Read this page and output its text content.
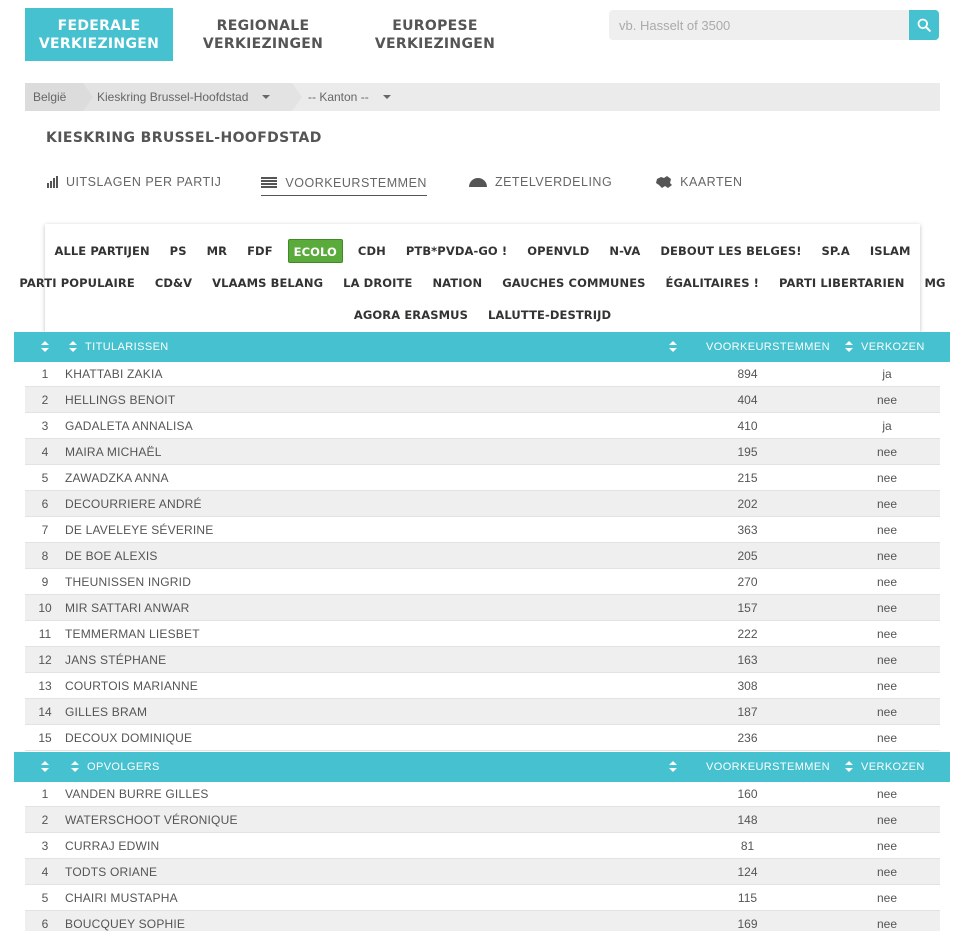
FEDERALE
VERKIEZINGEN
REGIONALE
VERKIEZINGEN
EUROPESE
VERKIEZINGEN
vb. Hasselt of 3500
België	Kieskring Brussel-Hoofdstad	-- Kanton --
KIESKRING BRUSSEL-HOOFDSTAD
UITSLAGEN PER PARTIJ	VOORKEURSTEMMEN	ZETELVERDELING	KAARTEN
ALLE PARTIJEN	PS	MR	FDF	ECOLO	CDH	PTB*PVDA-GO !	OPENVLD	N-VA	DEBOUT LES BELGES!	SP.A	ISLAM
PARTI POPULAIRE	CD&V	VLAAMS BELANG	LA DROITE	NATION	GAUCHES COMMUNES	ÉGALITAIRES !	PARTI LIBERTARIEN	MG
AGORA ERASMUS	LALUTTE-DESTRIJD
TITULARISSEN	VOORKEURSTEMMEN	VERKOZEN
1	KHATTABI ZAKIA	894	ja
2	HELLINGS BENOIT	404	nee
3	GADALETA ANNALISA	410	ja
4	MAIRA MICHAËL	195	nee
5	ZAWADZKA ANNA	215	nee
6	DECOURRIERE ANDRÉ	202	nee
7	DE LAVELEYE SÉVERINE	363	nee
8	DE BOE ALEXIS	205	nee
9	THEUNISSEN INGRID	270	nee
10	MIR SATTARI ANWAR	157	nee
11	TEMMERMAN LIESBET	222	nee
12	JANS STÉPHANE	163	nee
13	COURTOIS MARIANNE	308	nee
14	GILLES BRAM	187	nee
15	DECOUX DOMINIQUE	236	nee
OPVOLGERS	VOORKEURSTEMMEN	VERKOZEN
1	VANDEN BURRE GILLES	160	nee
2	WATERSCHOOT VÉRONIQUE	148	nee
3	CURRAJ EDWIN	81	nee
4	TODTS ORIANE	124	nee
5	CHAIRI MUSTAPHA	115	nee
6	BOUCQUEY SOPHIE	169	nee
